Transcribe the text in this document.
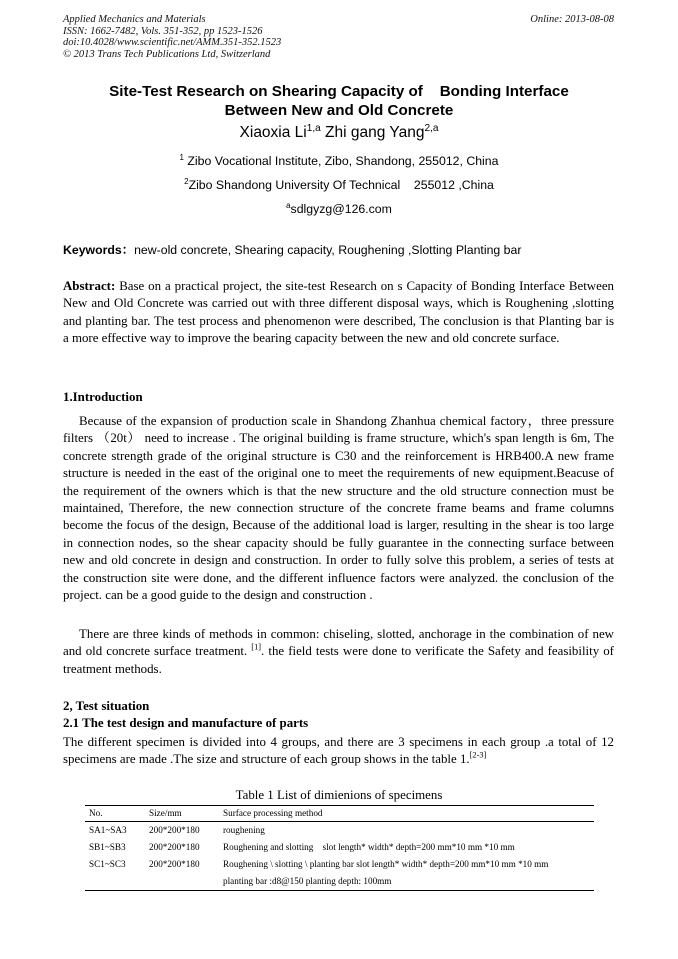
Applied Mechanics and Materials
ISSN: 1662-7482, Vols. 351-352, pp 1523-1526
doi:10.4028/www.scientific.net/AMM.351-352.1523
© 2013 Trans Tech Publications Ltd, Switzerland
Online: 2013-08-08
Site-Test Research on Shearing Capacity of    Bonding Interface
Between New and Old Concrete
Xiaoxia Li$^{1,a}$ Zhi gang Yang$^{2,a}$
$^1$ Zibo Vocational Institute, Zibo, Shandong, 255012, China
$^2$Zibo Shandong University Of Technical    255012 ,China
$^a$sdlgyzg@126.com
Keywords：new-old concrete, Shearing capacity, Roughening ,Slotting Planting bar
Abstract: Base on a practical project, the site-test Research on s Capacity of Bonding Interface Between New and Old Concrete was carried out with three different disposal ways, which is Roughening ,slotting and planting bar. The test process and phenomenon were described, The conclusion is that Planting bar is a more effective way to improve the bearing capacity between the new and old concrete surface.
1.Introduction
Because of the expansion of production scale in Shandong Zhanhua chemical factory，three pressure filters （20t） need to increase . The original building is frame structure, which's span length is 6m, The concrete strength grade of the original structure is C30 and the reinforcement is HRB400.A new frame structure is needed in the east of the original one to meet the requirements of new equipment.Beacuse of the requirement of the owners which is that the new structure and the old structure connection must be maintained, Therefore, the new connection structure of the concrete frame beams and frame columns become the focus of the design, Because of the additional load is larger, resulting in the shear is too large in connection nodes, so the shear capacity should be fully guarantee in the connecting surface between new and old concrete in design and construction. In order to fully solve this problem, a series of tests at the construction site were done, and the different influence factors were analyzed. the conclusion of the project. can be a good guide to the design and construction .
There are three kinds of methods in common: chiseling, slotted, anchorage in the combination of new and old concrete surface treatment. [1]. the field tests were done to verificate the Safety and feasibility of treatment methods.
2, Test situation
2.1 The test design and manufacture of parts
The different specimen is divided into 4 groups, and there are 3 specimens in each group .a total of 12 specimens are made .The size and structure of each group shows in the table 1.[2-3]
Table 1 List of dimienions of specimens
No.	Size/mm	Surface processing method
SA1~SA3	200*200*180	roughening
SB1~SB3	200*200*180	Roughening and slotting    slot length* width* depth=200 mm*10 mm *10 mm
SC1~SC3	200*200*180	Roughening \ slotting \ planting bar slot length* width* depth=200 mm*10 mm *10 mm
		planting bar :d8@150 planting depth: 100mm
